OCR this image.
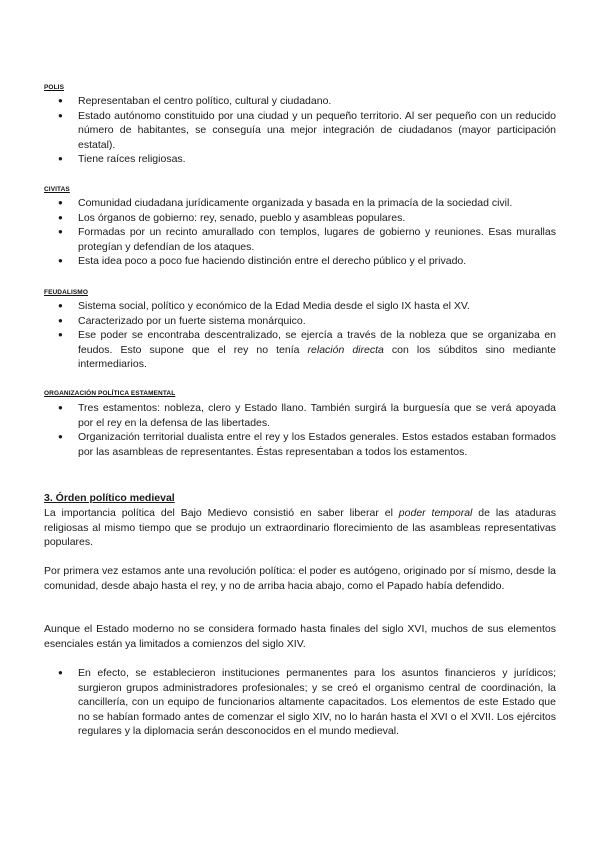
POLIS
● Representaban el centro político, cultural y ciudadano.
● Estado autónomo constituido por una ciudad y un pequeño territorio. Al ser pequeño con un reducido número de habitantes, se conseguía una mejor integración de ciudadanos (mayor participación estatal).
● Tiene raíces religiosas.
CIVITAS
● Comunidad ciudadana jurídicamente organizada y basada en la primacía de la sociedad civil.
● Los órganos de gobierno: rey, senado, pueblo y asambleas populares.
● Formadas por un recinto amurallado con templos, lugares de gobierno y reuniones. Esas murallas protegían y defendían de los ataques.
● Esta idea poco a poco fue haciendo distinción entre el derecho público y el privado.
FEUDALISMO
● Sistema social, político y económico de la Edad Media desde el siglo IX hasta el XV.
● Caracterizado por un fuerte sistema monárquico.
● Ese poder se encontraba descentralizado, se ejercía a través de la nobleza que se organizaba en feudos. Esto supone que el rey no tenía relación directa con los súbditos sino mediante intermediarios.
ORGANIZACIÓN POLÍTICA ESTAMENTAL
● Tres estamentos: nobleza, clero y Estado llano. También surgirá la burguesía que se verá apoyada por el rey en la defensa de las libertades.
● Organización territorial dualista entre el rey y los Estados generales. Estos estados estaban formados por las asambleas de representantes. Éstas representaban a todos los estamentos.
3. Órden político medieval

La importancia política del Bajo Medievo consistió en saber liberar el poder temporal de las ataduras religiosas al mismo tiempo que se produjo un extraordinario florecimiento de las asambleas representativas populares.

Por primera vez estamos ante una revolución política: el poder es autógeno, originado por sí mismo, desde la comunidad, desde abajo hasta el rey, y no de arriba hacia abajo, como el Papado había defendido.

Aunque el Estado moderno no se considera formado hasta finales del siglo XVI, muchos de sus elementos esenciales están ya limitados a comienzos del siglo XIV.

● En efecto, se establecieron instituciones permanentes para los asuntos financieros y jurídicos; surgieron grupos administradores profesionales; y se creó el organismo central de coordinación, la cancillería, con un equipo de funcionarios altamente capacitados. Los elementos de este Estado que no se habían formado antes de comenzar el siglo XIV, no lo harán hasta el XVI o el XVII. Los ejércitos regulares y la diplomacia serán desconocidos en el mundo medieval.
